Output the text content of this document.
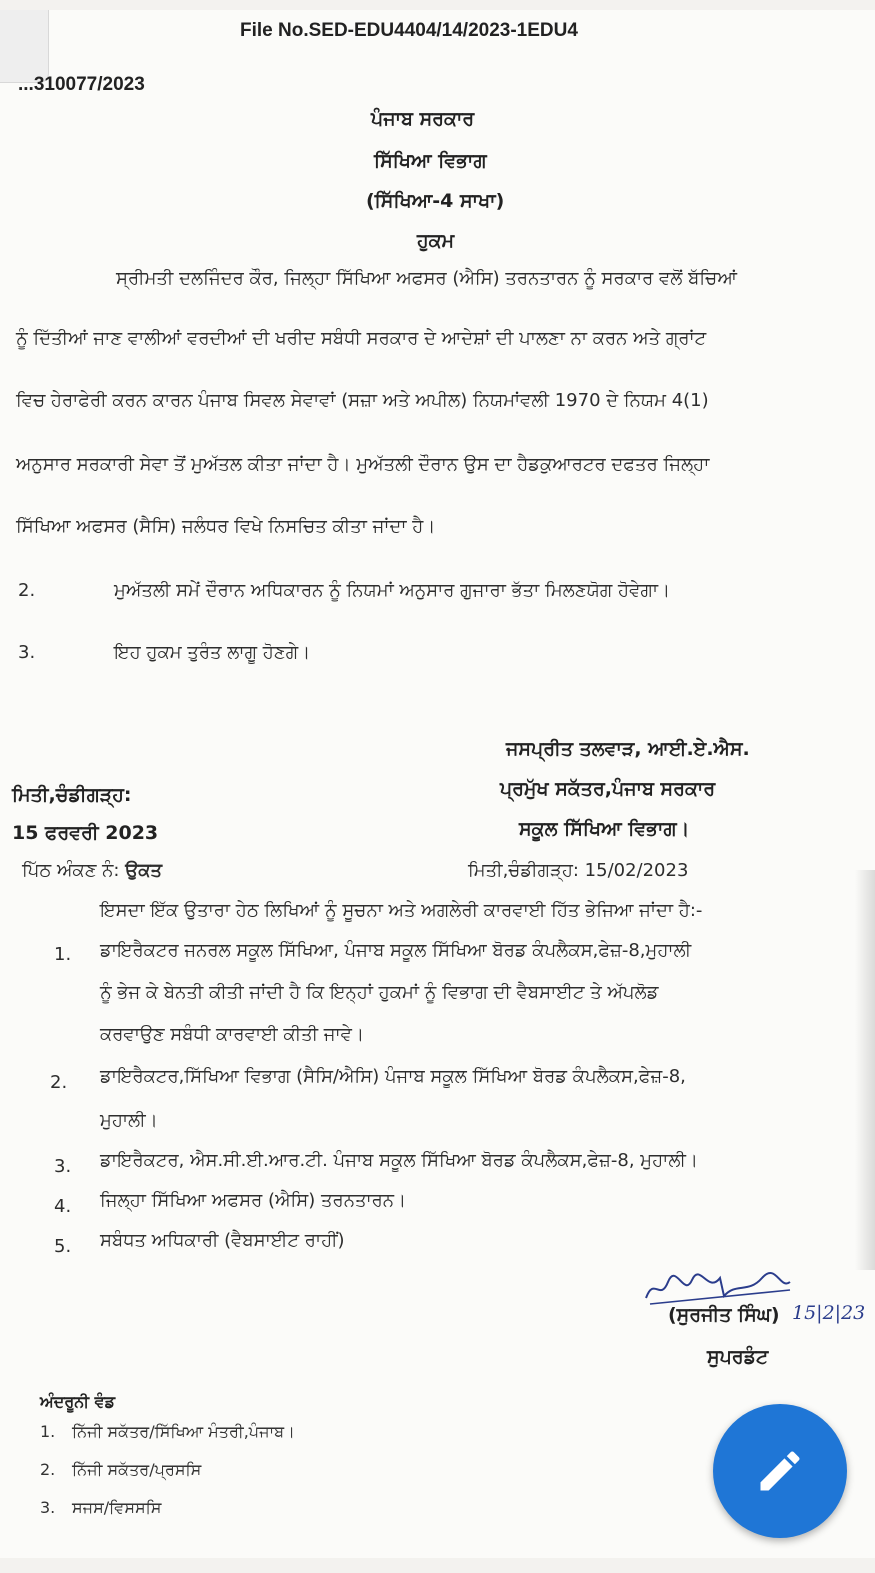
File No.SED-EDU4404/14/2023-1EDU4
...310077/2023
ਪੰਜਾਬ ਸਰਕਾਰ
ਸਿੱਖਿਆ ਵਿਭਾਗ
(ਸਿੱਖਿਆ-4 ਸਾਖਾ)
ਹੁਕਮ
ਸ੍ਰੀਮਤੀ ਦਲਜਿੰਦਰ ਕੌਰ, ਜਿਲ੍ਹਾ ਸਿੱਖਿਆ ਅਫਸਰ (ਐਸਿ) ਤਰਨਤਾਰਨ ਨੂੰ ਸਰਕਾਰ ਵਲੋਂ ਬੱਚਿਆਂ
ਨੂੰ ਦਿੱਤੀਆਂ ਜਾਣ ਵਾਲੀਆਂ ਵਰਦੀਆਂ ਦੀ ਖਰੀਦ ਸਬੰਧੀ ਸਰਕਾਰ ਦੇ ਆਦੇਸ਼ਾਂ ਦੀ ਪਾਲਣਾ ਨਾ ਕਰਨ ਅਤੇ ਗ੍ਰਾਂਟ
ਵਿਚ ਹੇਰਾਫੇਰੀ ਕਰਨ ਕਾਰਨ ਪੰਜਾਬ ਸਿਵਲ ਸੇਵਾਵਾਂ (ਸਜ਼ਾ ਅਤੇ ਅਪੀਲ) ਨਿਯਮਾਂਵਲੀ 1970 ਦੇ ਨਿਯਮ 4(1)
ਅਨੁਸਾਰ ਸਰਕਾਰੀ ਸੇਵਾ ਤੋਂ ਮੁਅੱਤਲ ਕੀਤਾ ਜਾਂਦਾ ਹੈ। ਮੁਅੱਤਲੀ ਦੌਰਾਨ ਉਸ ਦਾ ਹੈਡਕੁਆਰਟਰ ਦਫਤਰ ਜਿਲ੍ਹਾ
ਸਿੱਖਿਆ ਅਫਸਰ (ਸੈਸਿ) ਜਲੰਧਰ ਵਿਖੇ ਨਿਸਚਿਤ ਕੀਤਾ ਜਾਂਦਾ ਹੈ।
2.	ਮੁਅੱਤਲੀ ਸਮੇਂ ਦੌਰਾਨ ਅਧਿਕਾਰਨ ਨੂੰ ਨਿਯਮਾਂ ਅਨੁਸਾਰ ਗੁਜਾਰਾ ਭੱਤਾ ਮਿਲਣਯੋਗ ਹੋਵੇਗਾ।
3.	ਇਹ ਹੁਕਮ ਤੁਰੰਤ ਲਾਗੂ ਹੋਣਗੇ।
ਜਸਪ੍ਰੀਤ ਤਲਵਾੜ, ਆਈ.ਏ.ਐਸ.
ਪ੍ਰਮੁੱਖ ਸਕੱਤਰ,ਪੰਜਾਬ ਸਰਕਾਰ
ਸਕੂਲ ਸਿੱਖਿਆ ਵਿਭਾਗ।
ਮਿਤੀ,ਚੰਡੀਗੜ੍ਹ:
15 ਫਰਵਰੀ 2023
ਪਿੱਠ ਅੰਕਣ ਨੰ: ਉਕਤ	ਮਿਤੀ,ਚੰਡੀਗੜ੍ਹ: 15/02/2023
ਇਸਦਾ ਇੱਕ ਉਤਾਰਾ ਹੇਠ ਲਿਖਿਆਂ ਨੂੰ ਸੂਚਨਾ ਅਤੇ ਅਗਲੇਰੀ ਕਾਰਵਾਈ ਹਿੱਤ ਭੇਜਿਆ ਜਾਂਦਾ ਹੈ:-
1. ਡਾਇਰੈਕਟਰ ਜਨਰਲ ਸਕੂਲ ਸਿੱਖਿਆ, ਪੰਜਾਬ ਸਕੂਲ ਸਿੱਖਿਆ ਬੋਰਡ ਕੰਪਲੈਕਸ,ਫੇਜ਼-8,ਮੁਹਾਲੀ
ਨੂੰ ਭੇਜ ਕੇ ਬੇਨਤੀ ਕੀਤੀ ਜਾਂਦੀ ਹੈ ਕਿ ਇਨ੍ਹਾਂ ਹੁਕਮਾਂ ਨੂੰ ਵਿਭਾਗ ਦੀ ਵੈਬਸਾਈਟ ਤੇ ਅੱਪਲੋਡ
ਕਰਵਾਉਣ ਸਬੰਧੀ ਕਾਰਵਾਈ ਕੀਤੀ ਜਾਵੇ।
2. ਡਾਇਰੈਕਟਰ,ਸਿੱਖਿਆ ਵਿਭਾਗ (ਸੈਸਿ/ਐਸਿ) ਪੰਜਾਬ ਸਕੂਲ ਸਿੱਖਿਆ ਬੋਰਡ ਕੰਪਲੈਕਸ,ਫੇਜ਼-8,
ਮੁਹਾਲੀ।
3. ਡਾਇਰੈਕਟਰ, ਐਸ.ਸੀ.ਈ.ਆਰ.ਟੀ. ਪੰਜਾਬ ਸਕੂਲ ਸਿੱਖਿਆ ਬੋਰਡ ਕੰਪਲੈਕਸ,ਫੇਜ਼-8, ਮੁਹਾਲੀ।
4. ਜਿਲ੍ਹਾ ਸਿੱਖਿਆ ਅਫਸਰ (ਐਸਿ) ਤਰਨਤਾਰਨ।
5. ਸਬੰਧਤ ਅਧਿਕਾਰੀ (ਵੈਬਸਾਈਟ ਰਾਹੀਂ)
(ਸੁਰਜੀਤ ਸਿੰਘ) 15|2|23
ਸੁਪਰਡੰਟ
ਅੰਦਰੂਨੀ ਵੰਡ
1. ਨਿੱਜੀ ਸਕੱਤਰ/ਸਿੱਖਿਆ ਮੰਤਰੀ,ਪੰਜਾਬ।
2. ਨਿੱਜੀ ਸਕੱਤਰ/ਪ੍ਰਸਸਿ
3. ਸਜਸ/ਵਿਸਸਸਿ
